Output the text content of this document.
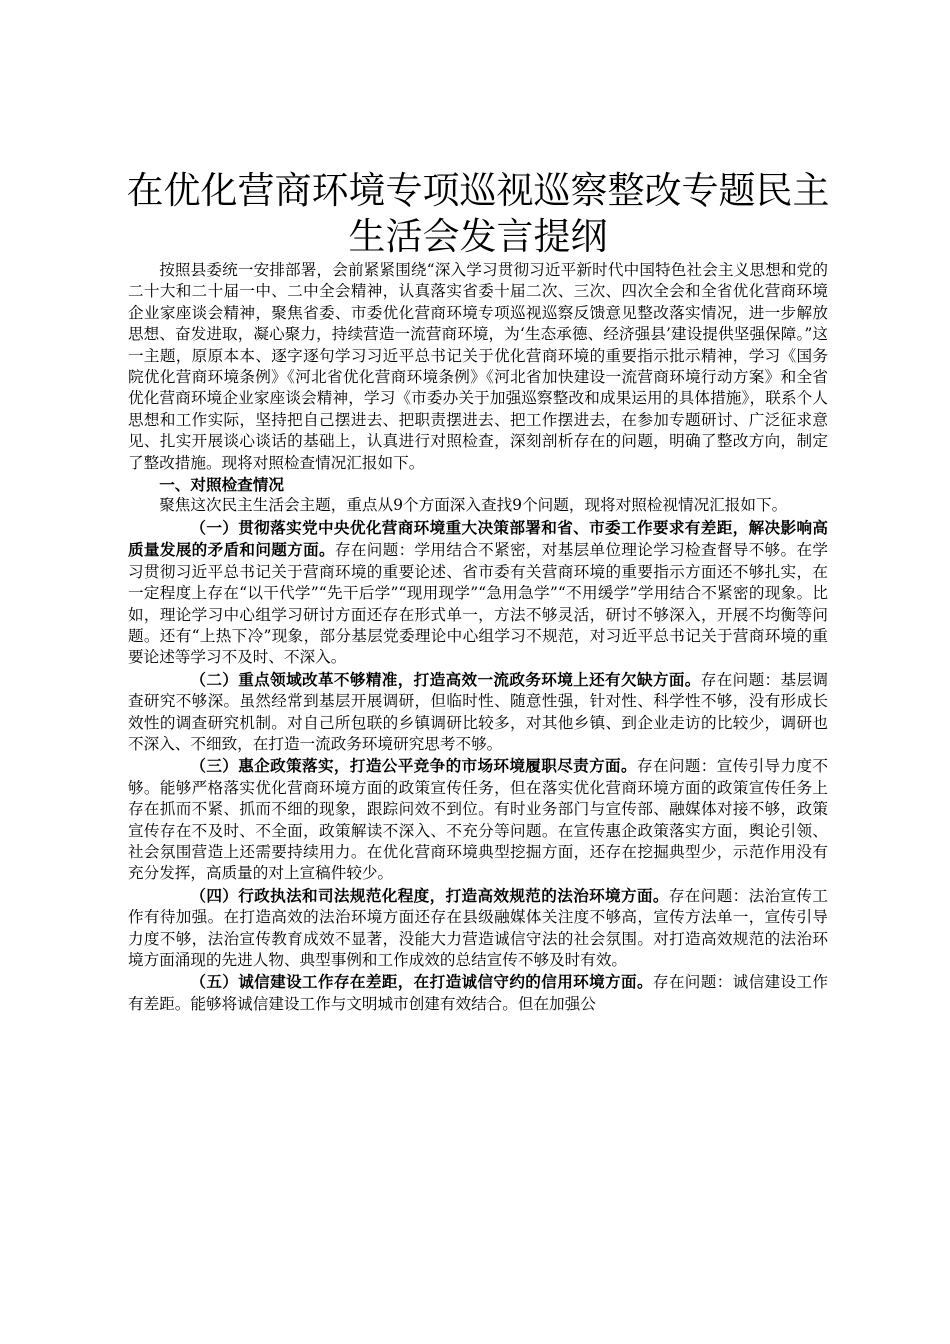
在优化营商环境专项巡视巡察整改专题民主生活会发言提纲

按照县委统一安排部署，会前紧紧围绕“深入学习贯彻习近平新时代中国特色社会主义思想和党的二十大和二十届一中、二中全会精神，认真落实省委十届二次、三次、四次全会和全省优化营商环境企业家座谈会精神，聚焦省委、市委优化营商环境专项巡视巡察反馈意见整改落实情况，进一步解放思想、奋发进取，凝心聚力，持续营造一流营商环境，为‘生态承德、经济强县’建设提供坚强保障。”这一主题，原原本本、逐字逐句学习习近平总书记关于优化营商环境的重要指示批示精神，学习《国务院优化营商环境条例》《河北省优化营商环境条例》《河北省加快建设一流营商环境行动方案》和全省优化营商环境企业家座谈会精神，学习《市委办关于加强巡察整改和成果运用的具体措施》，联系个人思想和工作实际，坚持把自己摆进去、把职责摆进去、把工作摆进去，在参加专题研讨、广泛征求意见、扎实开展谈心谈话的基础上，认真进行对照检查，深刻剖析存在的问题，明确了整改方向，制定了整改措施。现将对照检查情况汇报如下。

一、对照检查情况

聚焦这次民主生活会主题，重点从9个方面深入查找9个问题，现将对照检视情况汇报如下。

（一）贯彻落实党中央优化营商环境重大决策部署和省、市委工作要求有差距，解决影响高质量发展的矛盾和问题方面。存在问题：学用结合不紧密，对基层单位理论学习检查督导不够。在学习贯彻习近平总书记关于营商环境的重要论述、省市委有关营商环境的重要指示方面还不够扎实，在一定程度上存在“以干代学”“先干后学”“现用现学”“急用急学”“不用缓学”学用结合不紧密的现象。比如，理论学习中心组学习研讨方面还存在形式单一，方法不够灵活，研讨不够深入，开展不均衡等问题。还有“上热下冷”现象，部分基层党委理论中心组学习不规范，对习近平总书记关于营商环境的重要论述等学习不及时、不深入。

（二）重点领域改革不够精准，打造高效一流政务环境上还有欠缺方面。存在问题：基层调查研究不够深。虽然经常到基层开展调研，但临时性、随意性强，针对性、科学性不够，没有形成长效性的调查研究机制。对自己所包联的乡镇调研比较多，对其他乡镇、到企业走访的比较少，调研也不深入、不细致，在打造一流政务环境研究思考不够。

（三）惠企政策落实，打造公平竞争的市场环境履职尽责方面。存在问题：宣传引导力度不够。能够严格落实优化营商环境方面的政策宣传任务，但在落实优化营商环境方面的政策宣传任务上存在抓而不紧、抓而不细的现象，跟踪问效不到位。有时业务部门与宣传部、融媒体对接不够，政策宣传存在不及时、不全面，政策解读不深入、不充分等问题。在宣传惠企政策落实方面，舆论引领、社会氛围营造上还需要持续用力。在优化营商环境典型挖掘方面，还存在挖掘典型少，示范作用没有充分发挥，高质量的对上宣稿件较少。

（四）行政执法和司法规范化程度，打造高效规范的法治环境方面。存在问题：法治宣传工作有待加强。在打造高效的法治环境方面还存在县级融媒体关注度不够高，宣传方法单一，宣传引导力度不够，法治宣传教育成效不显著，没能大力营造诚信守法的社会氛围。对打造高效规范的法治环境方面涌现的先进人物、典型事例和工作成效的总结宣传不够及时有效。

（五）诚信建设工作存在差距，在打造诚信守约的信用环境方面。存在问题：诚信建设工作有差距。能够将诚信建设工作与文明城市创建有效结合。但在加强公
